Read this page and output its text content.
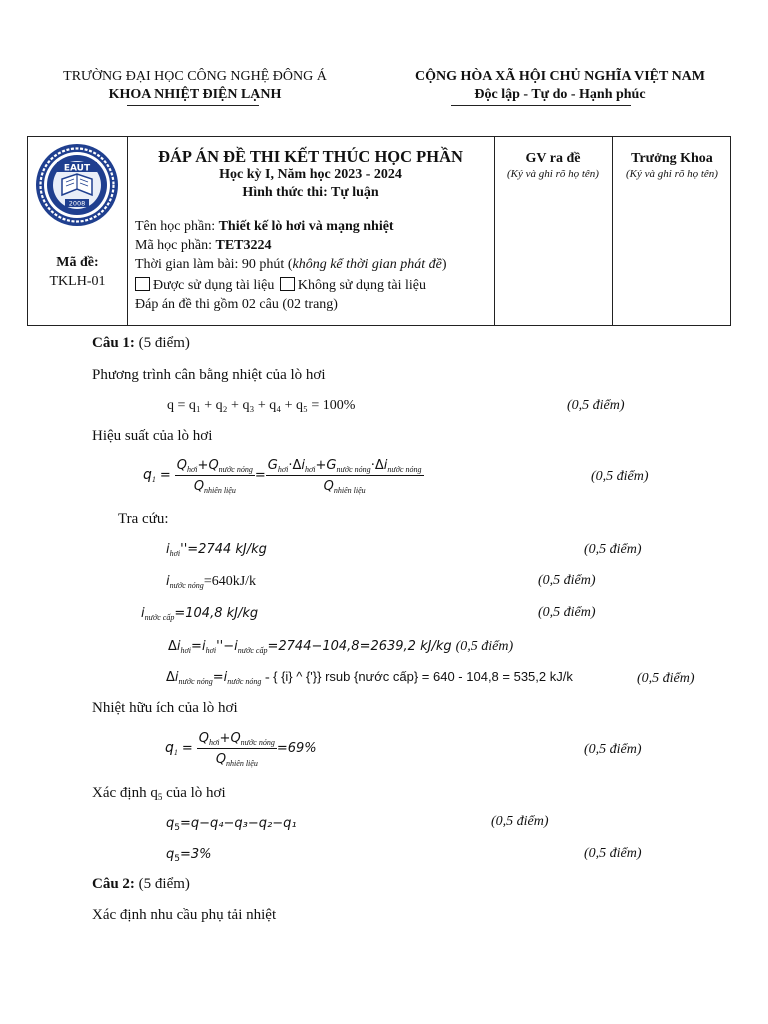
TRƯỜNG ĐẠI HỌC CÔNG NGHỆ ĐÔNG Á
KHOA NHIỆT ĐIỆN LẠNH
CỘNG HÒA XÃ HỘI CHỦ NGHĨA VIỆT NAM
Độc lập - Tự do - Hạnh phúc
EAUT
2008
Mã đề:
TKLH-01
ĐÁP ÁN ĐỀ THI KẾT THÚC HỌC PHẦN
Học kỳ I, Năm học 2023 - 2024
Hình thức thi: Tự luận
Tên học phần: Thiết kế lò hơi và mạng nhiệt
Mã học phần: TET3224
Thời gian làm bài: 90 phút (không kể thời gian phát đề)
Được sử dụng tài liệu Không sử dụng tài liệu
Đáp án đề thi gồm 02 câu (02 trang)
GV ra đề
(Ký và ghi rõ họ tên)
Trưởng Khoa
(Ký và ghi rõ họ tên)
Câu 1: (5 điểm)
Phương trình cân bằng nhiệt của lò hơi
q = q₁ + q₂ + q₃ + q₄ + q₅ = 100%	(0,5 điểm)
Hiệu suất của lò hơi
$q1 = \frac{\text{Qhơi+Qnước nóng}}{\text{Qnhiên liệu}} = \frac{\text{Ghơi·Δihơi+Gnước nóng·Δinước nóng}}{\text{Qnhiên liệu}}$	(0,5 điểm)
Tra cứu:
ihơi''=2744 kJ/kg	(0,5 điểm)
inước nóng=640kJ/k	(0,5 điểm)
inước cấp=104,8 kJ/kg	(0,5 điểm)
Δihơi=ihơi''−inước cấp=2744−104,8=2639,2 kJ/kg (0,5 điểm)
Δinước nóng=inước nóng - { {i} ^ {'}} rsub {nước cấp} = 640 - 104,8 = 535,2 kJ/k	(0,5 điểm)
Nhiệt hữu ích của lò hơi
$q1 = \frac{\text{Qhơi+Qnước nóng}}{\text{Qnhiên liệu}} =69\%$	(0,5 điểm)
Xác định $q_5$ của lò hơi
$q_5=q-q_4-q_3-q_2-q_1$	(0,5 điểm)
$q_5=3\%$	(0,5 điểm)
Câu 2: (5 điểm)
Xác định nhu cầu phụ tải nhiệt
